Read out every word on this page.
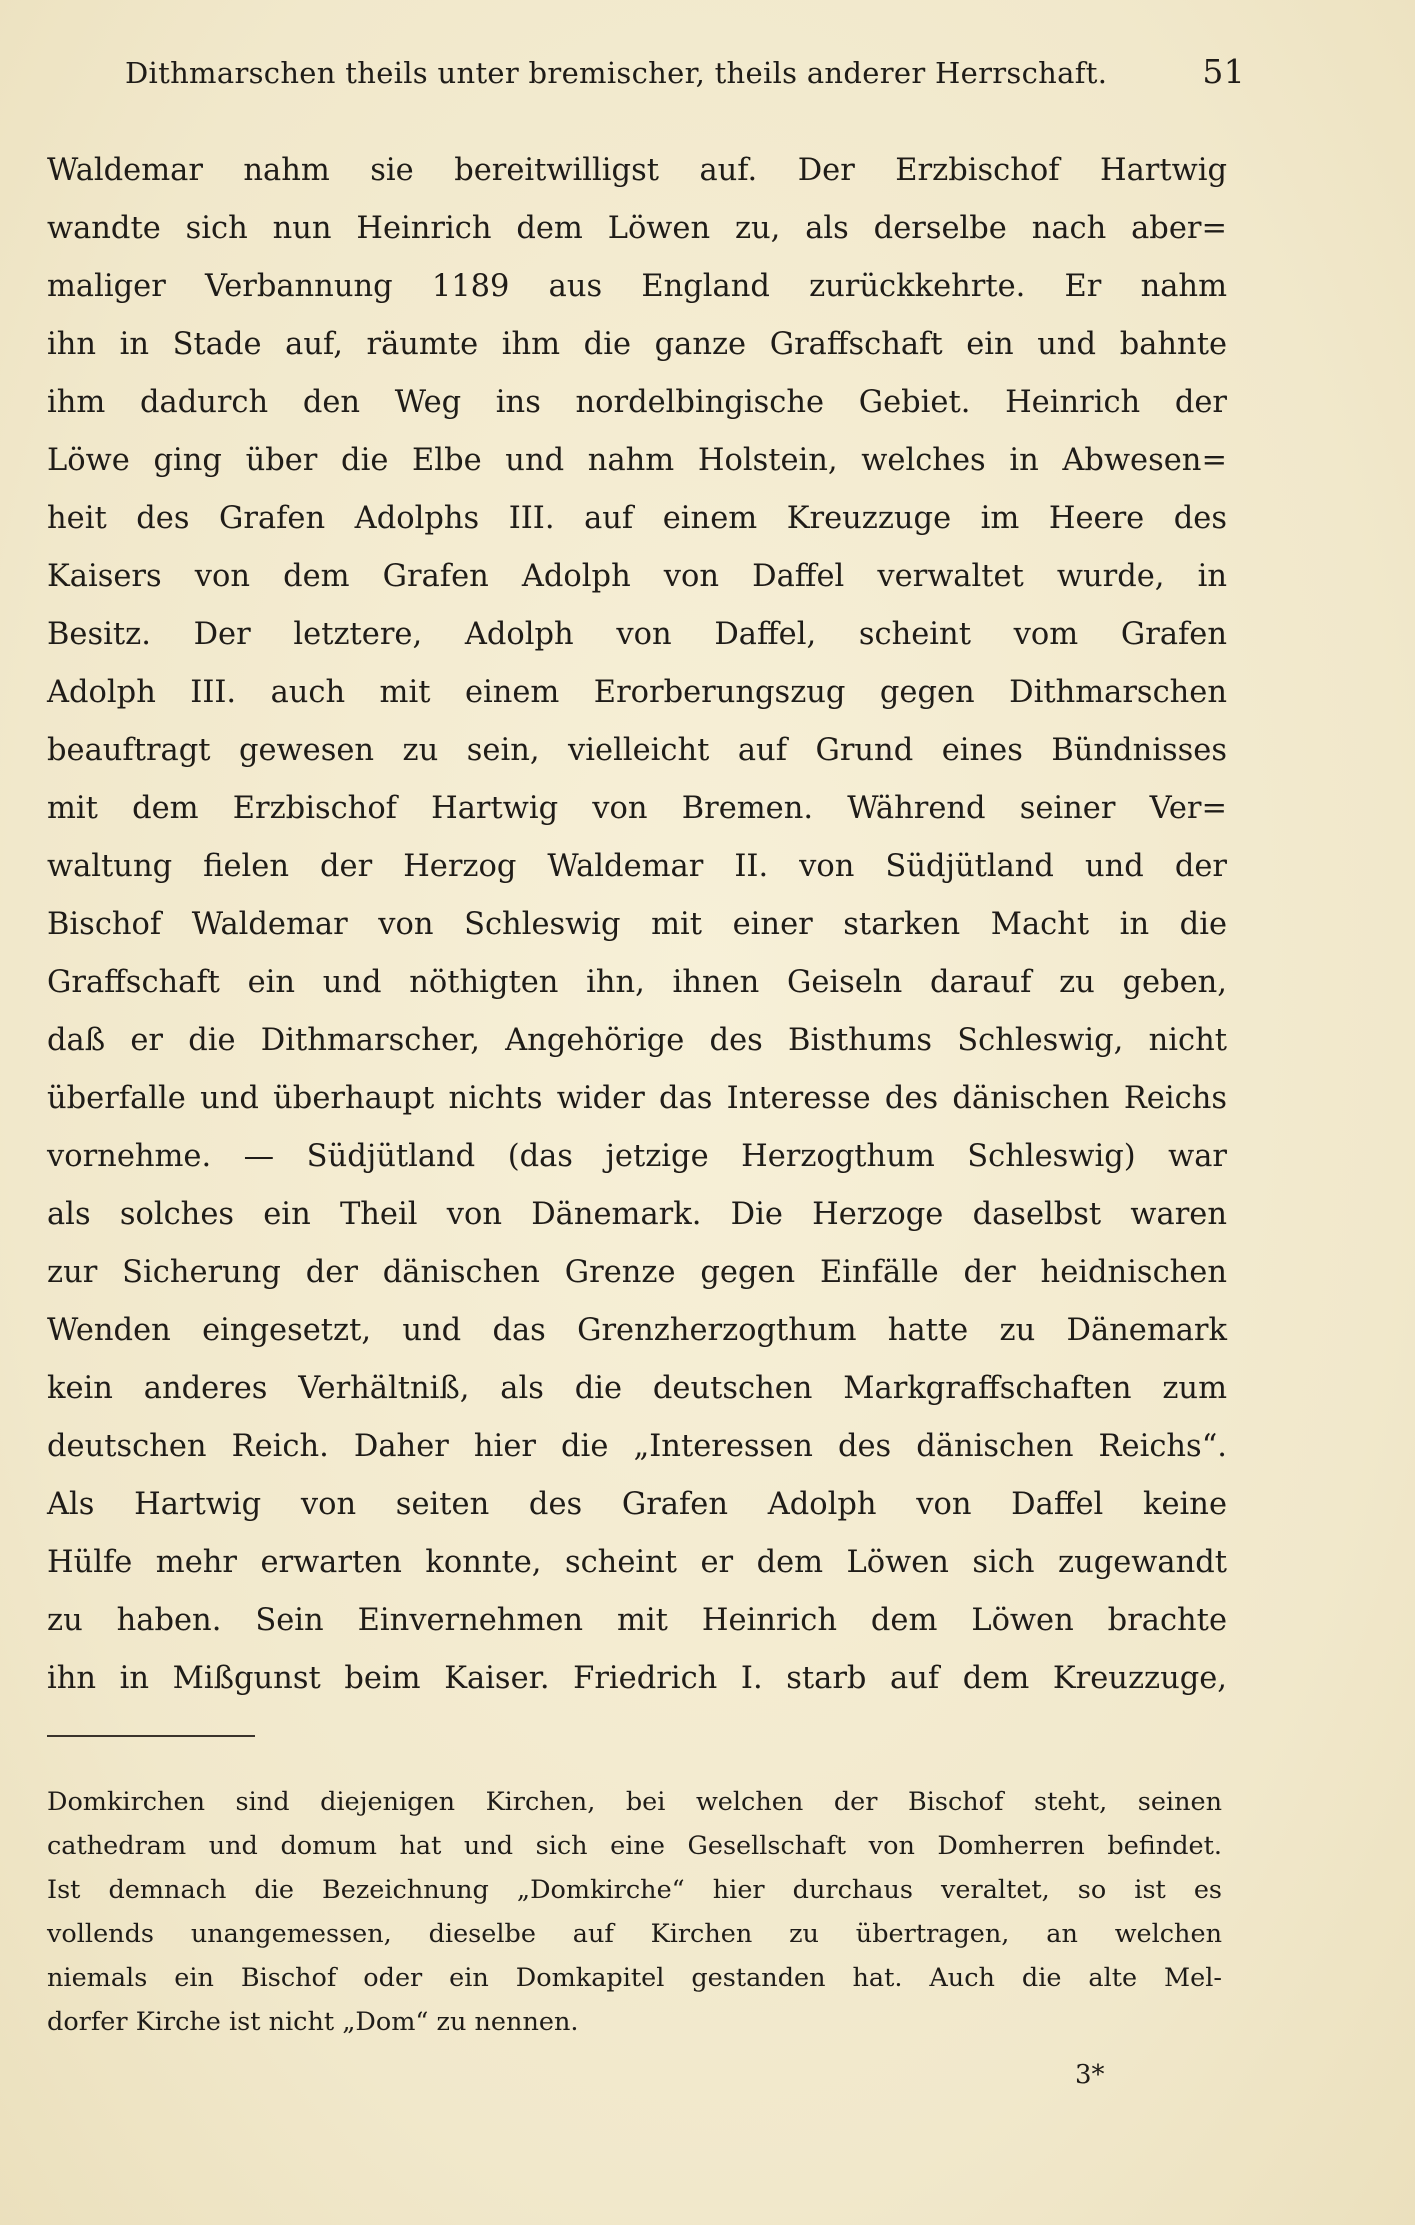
Dithmarschen theils unter bremischer, theils anderer Herrschaft.	51
Waldemar nahm sie bereitwilligst auf. Der Erzbischof Hartwig
wandte sich nun Heinrich dem Löwen zu, als derselbe nach aber=
maliger Verbannung 1189 aus England zurückkehrte. Er nahm
ihn in Stade auf, räumte ihm die ganze Graffschaft ein und bahnte
ihm dadurch den Weg ins nordelbingische Gebiet. Heinrich der
Löwe ging über die Elbe und nahm Holstein, welches in Abwesen=
heit des Grafen Adolphs III. auf einem Kreuzzuge im Heere des
Kaisers von dem Grafen Adolph von Daffel verwaltet wurde, in
Besitz. Der letztere, Adolph von Daffel, scheint vom Grafen
Adolph III. auch mit einem Erorberungszug gegen Dithmarschen
beauftragt gewesen zu sein, vielleicht auf Grund eines Bündnisses
mit dem Erzbischof Hartwig von Bremen. Während seiner Ver=
waltung fielen der Herzog Waldemar II. von Südjütland und der
Bischof Waldemar von Schleswig mit einer starken Macht in die
Graffschaft ein und nöthigten ihn, ihnen Geiseln darauf zu geben,
daß er die Dithmarscher, Angehörige des Bisthums Schleswig, nicht
überfalle und überhaupt nichts wider das Interesse des dänischen Reichs
vornehme. — Südjütland (das jetzige Herzogthum Schleswig) war
als solches ein Theil von Dänemark. Die Herzoge daselbst waren
zur Sicherung der dänischen Grenze gegen Einfälle der heidnischen
Wenden eingesetzt, und das Grenzherzogthum hatte zu Dänemark
kein anderes Verhältniß, als die deutschen Markgraffschaften zum
deutschen Reich. Daher hier die „Interessen des dänischen Reichs“.
Als Hartwig von seiten des Grafen Adolph von Daffel keine
Hülfe mehr erwarten konnte, scheint er dem Löwen sich zugewandt
zu haben. Sein Einvernehmen mit Heinrich dem Löwen brachte
ihn in Mißgunst beim Kaiser. Friedrich I. starb auf dem Kreuzzuge,
Domkirchen sind diejenigen Kirchen, bei welchen der Bischof steht, seinen
cathedram und domum hat und sich eine Gesellschaft von Domherren befindet.
Ist demnach die Bezeichnung „Domkirche“ hier durchaus veraltet, so ist es
vollends unangemessen, dieselbe auf Kirchen zu übertragen, an welchen
niemals ein Bischof oder ein Domkapitel gestanden hat. Auch die alte Mel-
dorfer Kirche ist nicht „Dom“ zu nennen.
3*
